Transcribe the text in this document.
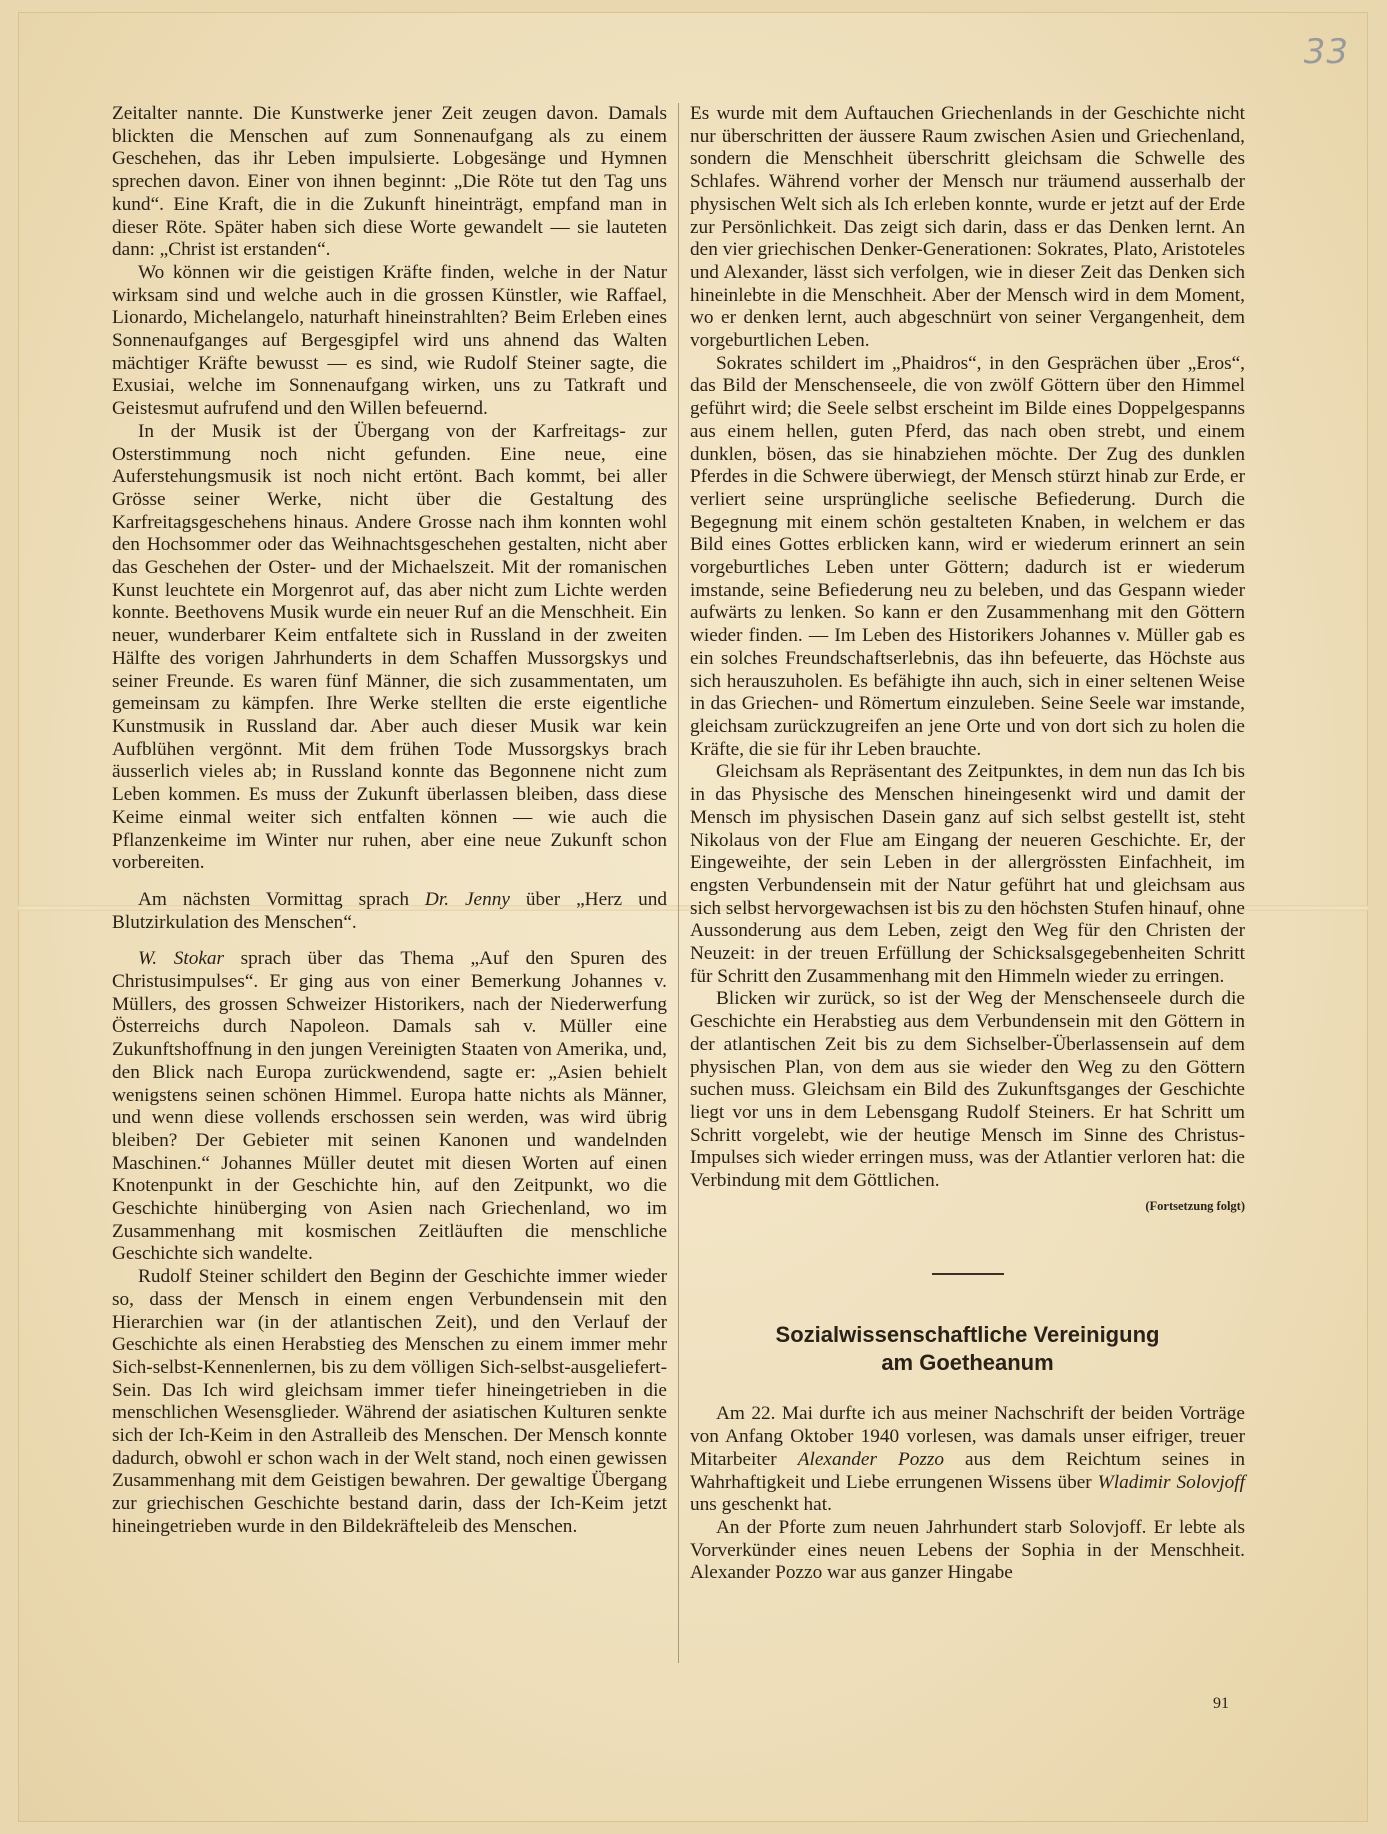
33

Zeitalter nannte. Die Kunstwerke jener Zeit zeugen davon. Damals blickten die Menschen auf zum Sonnenaufgang als zu einem Geschehen, das ihr Leben impulsierte. Lobgesänge und Hymnen sprechen davon. Einer von ihnen beginnt: „Die Röte tut den Tag uns kund“. Eine Kraft, die in die Zukunft hineinträgt, empfand man in dieser Röte. Später haben sich diese Worte gewandelt — sie lauteten dann: „Christ ist erstanden“.

Wo können wir die geistigen Kräfte finden, welche in der Natur wirksam sind und welche auch in die grossen Künstler, wie Raffael, Lionardo, Michelangelo, naturhaft hineinstrahlten? Beim Erleben eines Sonnenaufganges auf Bergesgipfel wird uns ahnend das Walten mächtiger Kräfte bewusst — es sind, wie Rudolf Steiner sagte, die Exusiai, welche im Sonnenaufgang wirken, uns zu Tatkraft und Geistesmut aufrufend und den Willen befeuernd.

In der Musik ist der Übergang von der Karfreitags- zur Osterstimmung noch nicht gefunden. Eine neue, eine Auferstehungsmusik ist noch nicht ertönt. Bach kommt, bei aller Grösse seiner Werke, nicht über die Gestaltung des Karfreitagsgeschehens hinaus. Andere Grosse nach ihm konnten wohl den Hochsommer oder das Weihnachtsgeschehen gestalten, nicht aber das Geschehen der Oster- und der Michaelszeit. Mit der romanischen Kunst leuchtete ein Morgenrot auf, das aber nicht zum Lichte werden konnte. Beethovens Musik wurde ein neuer Ruf an die Menschheit. Ein neuer, wunderbarer Keim entfaltete sich in Russland in der zweiten Hälfte des vorigen Jahrhunderts in dem Schaffen Mussorgskys und seiner Freunde. Es waren fünf Männer, die sich zusammentaten, um gemeinsam zu kämpfen. Ihre Werke stellten die erste eigentliche Kunstmusik in Russland dar. Aber auch dieser Musik war kein Aufblühen vergönnt. Mit dem frühen Tode Mussorgskys brach äusserlich vieles ab; in Russland konnte das Begonnene nicht zum Leben kommen. Es muss der Zukunft überlassen bleiben, dass diese Keime einmal weiter sich entfalten können — wie auch die Pflanzenkeime im Winter nur ruhen, aber eine neue Zukunft schon vorbereiten.

Am nächsten Vormittag sprach Dr. Jenny über „Herz und Blutzirkulation des Menschen“.

W. Stokar sprach über das Thema „Auf den Spuren des Christusimpulses“. Er ging aus von einer Bemerkung Johannes v. Müllers, des grossen Schweizer Historikers, nach der Niederwerfung Österreichs durch Napoleon. Damals sah v. Müller eine Zukunftshoffnung in den jungen Vereinigten Staaten von Amerika, und, den Blick nach Europa zurückwendend, sagte er: „Asien behielt wenigstens seinen schönen Himmel. Europa hatte nichts als Männer, und wenn diese vollends erschossen sein werden, was wird übrig bleiben? Der Gebieter mit seinen Kanonen und wandelnden Maschinen.“ Johannes Müller deutet mit diesen Worten auf einen Knotenpunkt in der Geschichte hin, auf den Zeitpunkt, wo die Geschichte hinüberging von Asien nach Griechenland, wo im Zusammenhang mit kosmischen Zeitläuften die menschliche Geschichte sich wandelte.

Rudolf Steiner schildert den Beginn der Geschichte immer wieder so, dass der Mensch in einem engen Verbundensein mit den Hierarchien war (in der atlantischen Zeit), und den Verlauf der Geschichte als einen Herabstieg des Menschen zu einem immer mehr Sich-selbst-Kennenlernen, bis zu dem völligen Sich-selbst-ausgeliefert-Sein. Das Ich wird gleichsam immer tiefer hineingetrieben in die menschlichen Wesensglieder. Während der asiatischen Kulturen senkte sich der Ich-Keim in den Astralleib des Menschen. Der Mensch konnte dadurch, obwohl er schon wach in der Welt stand, noch einen gewissen Zusammenhang mit dem Geistigen bewahren. Der gewaltige Übergang zur griechischen Geschichte bestand darin, dass der Ich-Keim jetzt hineingetrieben wurde in den Bildekräfteleib des Menschen.

Es wurde mit dem Auftauchen Griechenlands in der Geschichte nicht nur überschritten der äussere Raum zwischen Asien und Griechenland, sondern die Menschheit überschritt gleichsam die Schwelle des Schlafes. Während vorher der Mensch nur träumend ausserhalb der physischen Welt sich als Ich erleben konnte, wurde er jetzt auf der Erde zur Persönlichkeit. Das zeigt sich darin, dass er das Denken lernt. An den vier griechischen Denker-Generationen: Sokrates, Plato, Aristoteles und Alexander, lässt sich verfolgen, wie in dieser Zeit das Denken sich hineinlebte in die Menschheit. Aber der Mensch wird in dem Moment, wo er denken lernt, auch abgeschnürt von seiner Vergangenheit, dem vorgeburtlichen Leben.

Sokrates schildert im „Phaidros“, in den Gesprächen über „Eros“, das Bild der Menschenseele, die von zwölf Göttern über den Himmel geführt wird; die Seele selbst erscheint im Bilde eines Doppelgespanns aus einem hellen, guten Pferd, das nach oben strebt, und einem dunklen, bösen, das sie hinabziehen möchte. Der Zug des dunklen Pferdes in die Schwere überwiegt, der Mensch stürzt hinab zur Erde, er verliert seine ursprüngliche seelische Befiederung. Durch die Begegnung mit einem schön gestalteten Knaben, in welchem er das Bild eines Gottes erblicken kann, wird er wiederum erinnert an sein vorgeburtliches Leben unter Göttern; dadurch ist er wiederum imstande, seine Befiederung neu zu beleben, und das Gespann wieder aufwärts zu lenken. So kann er den Zusammenhang mit den Göttern wieder finden. — Im Leben des Historikers Johannes v. Müller gab es ein solches Freundschaftserlebnis, das ihn befeuerte, das Höchste aus sich herauszuholen. Es befähigte ihn auch, sich in einer seltenen Weise in das Griechen- und Römertum einzuleben. Seine Seele war imstande, gleichsam zurückzugreifen an jene Orte und von dort sich zu holen die Kräfte, die sie für ihr Leben brauchte.

Gleichsam als Repräsentant des Zeitpunktes, in dem nun das Ich bis in das Physische des Menschen hineingesenkt wird und damit der Mensch im physischen Dasein ganz auf sich selbst gestellt ist, steht Nikolaus von der Flue am Eingang der neueren Geschichte. Er, der Eingeweihte, der sein Leben in der allergrössten Einfachheit, im engsten Verbundensein mit der Natur geführt hat und gleichsam aus sich selbst hervorgewachsen ist bis zu den höchsten Stufen hinauf, ohne Aussonderung aus dem Leben, zeigt den Weg für den Christen der Neuzeit: in der treuen Erfüllung der Schicksalsgegebenheiten Schritt für Schritt den Zusammenhang mit den Himmeln wieder zu erringen.

Blicken wir zurück, so ist der Weg der Menschenseele durch die Geschichte ein Herabstieg aus dem Verbundensein mit den Göttern in der atlantischen Zeit bis zu dem Sichselber-Überlassensein auf dem physischen Plan, von dem aus sie wieder den Weg zu den Göttern suchen muss. Gleichsam ein Bild des Zukunftsganges der Geschichte liegt vor uns in dem Lebensgang Rudolf Steiners. Er hat Schritt um Schritt vorgelebt, wie der heutige Mensch im Sinne des Christus-Impulses sich wieder erringen muss, was der Atlantier verloren hat: die Verbindung mit dem Göttlichen.

(Fortsetzung folgt)
Sozialwissenschaftliche Vereinigung
am Goetheanum

Am 22. Mai durfte ich aus meiner Nachschrift der beiden Vorträge von Anfang Oktober 1940 vorlesen, was damals unser eifriger, treuer Mitarbeiter Alexander Pozzo aus dem Reichtum seines in Wahrhaftigkeit und Liebe errungenen Wissens über Wladimir Solovjoff uns geschenkt hat.

An der Pforte zum neuen Jahrhundert starb Solovjoff. Er lebte als Vorverkünder eines neuen Lebens der Sophia in der Menschheit. Alexander Pozzo war aus ganzer Hingabe

91
